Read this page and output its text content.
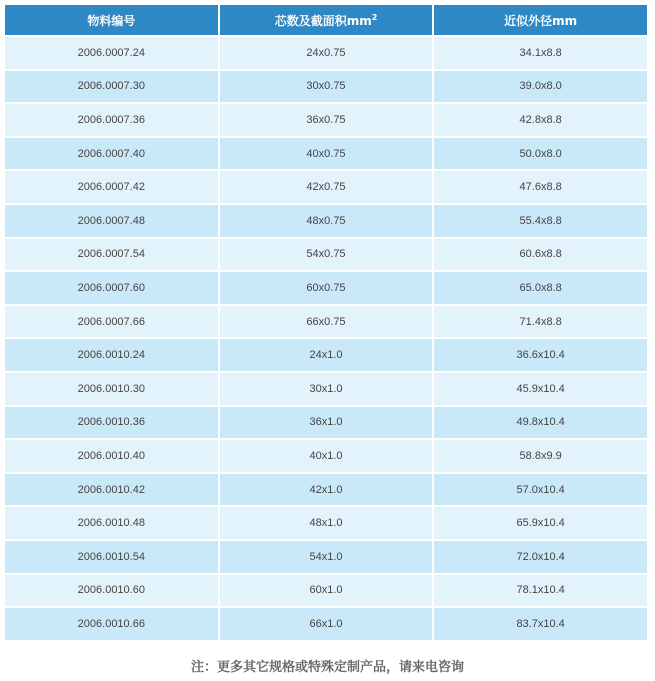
物料编号	芯数及截面积$mm^2$	近似外径mm
2006.0007.24	24x0.75	34.1x8.8
2006.0007.30	30x0.75	39.0x8.0
2006.0007.36	36x0.75	42.8x8.8
2006.0007.40	40x0.75	50.0x8.0
2006.0007.42	42x0.75	47.6x8.8
2006.0007.48	48x0.75	55.4x8.8
2006.0007.54	54x0.75	60.6x8.8
2006.0007.60	60x0.75	65.0x8.8
2006.0007.66	66x0.75	71.4x8.8
2006.0010.24	24x1.0	36.6x10.4
2006.0010.30	30x1.0	45.9x10.4
2006.0010.36	36x1.0	49.8x10.4
2006.0010.40	40x1.0	58.8x9.9
2006.0010.42	42x1.0	57.0x10.4
2006.0010.48	48x1.0	65.9x10.4
2006.0010.54	54x1.0	72.0x10.4
2006.0010.60	60x1.0	78.1x10.4
2006.0010.66	66x1.0	83.7x10.4
注：更多其它规格或特殊定制产品，请来电咨询
